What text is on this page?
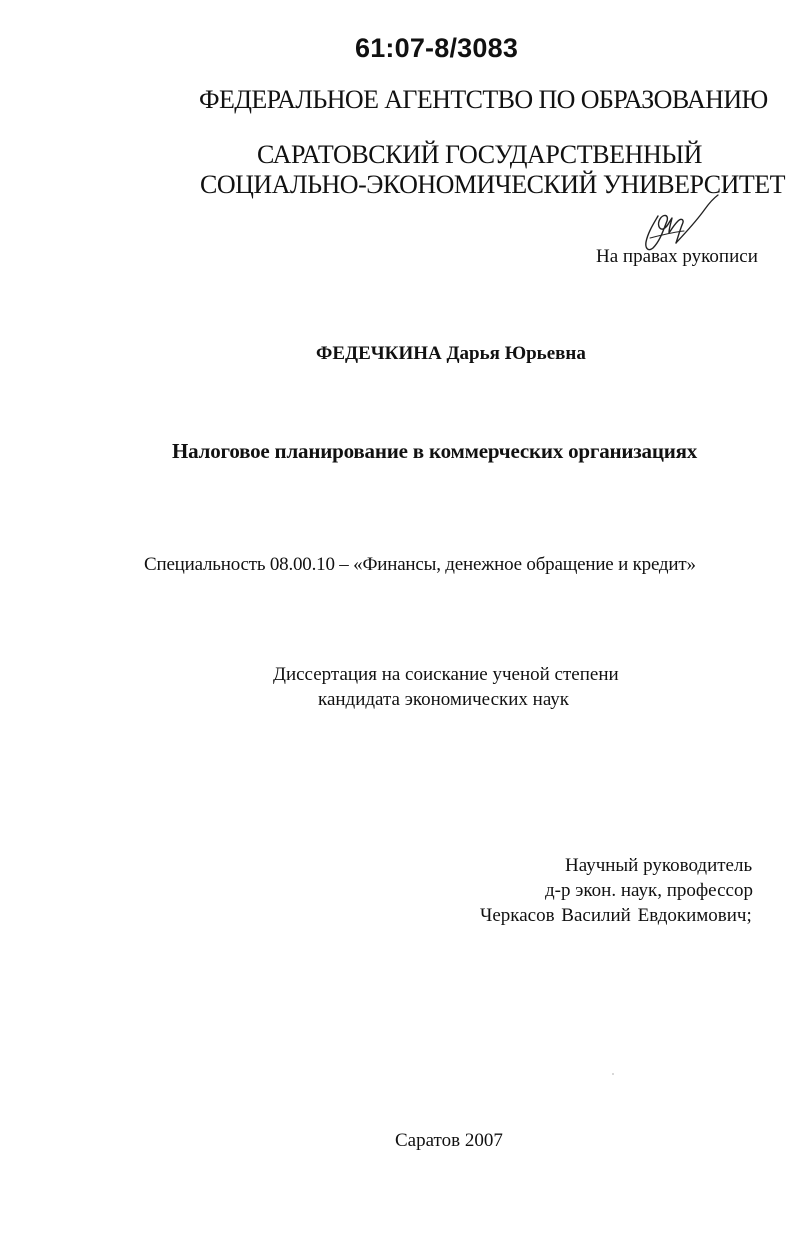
61:07-8/3083
ФЕДЕРАЛЬНОЕ АГЕНТСТВО ПО ОБРАЗОВАНИЮ
САРАТОВСКИЙ ГОСУДАРСТВЕННЫЙ
СОЦИАЛЬНО-ЭКОНОМИЧЕСКИЙ УНИВЕРСИТЕТ
На правах рукописи
ФЕДЕЧКИНА Дарья Юрьевна
Налоговое планирование в коммерческих организациях
Специальность 08.00.10 – «Финансы, денежное обращение и кредит»
Диссертация на соискание ученой степени
кандидата экономических наук
Научный руководитель
д-р экон. наук, профессор
Черкасов Василий Евдокимович;
Саратов 2007
